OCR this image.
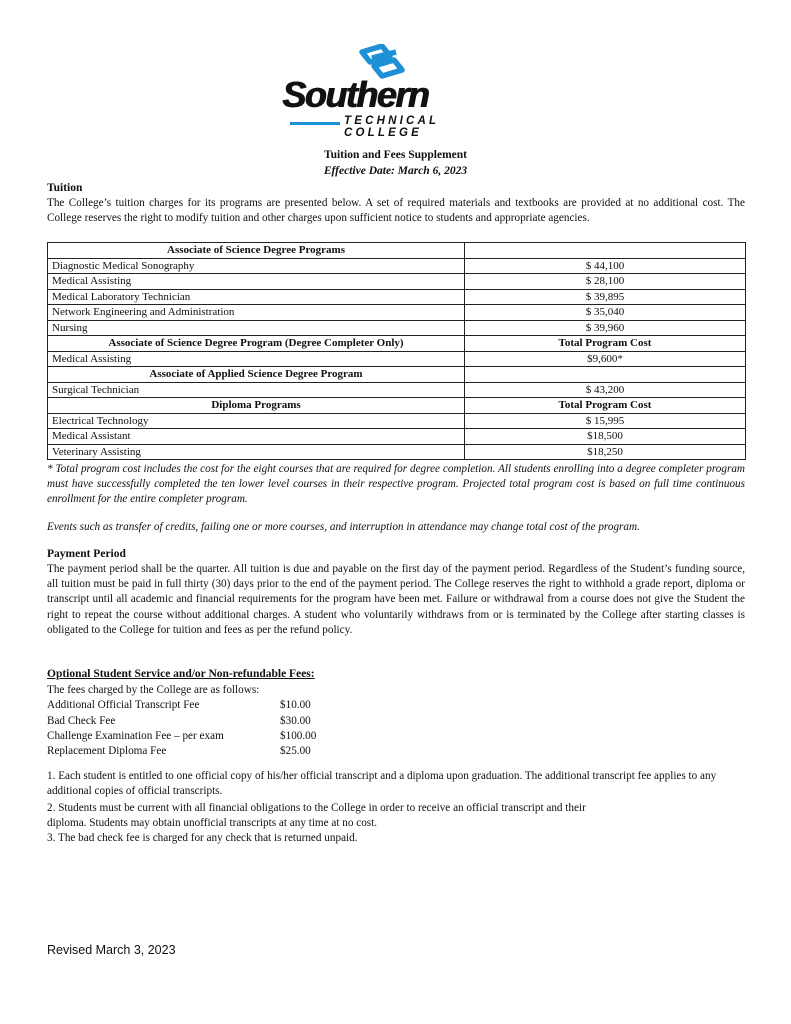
Southern
TECHNICAL COLLEGE
Tuition and Fees Supplement
Effective Date: March 6, 2023
Tuition
The College’s tuition charges for its programs are presented below. A set of required materials and textbooks are provided at no additional cost. The College reserves the right to modify tuition and other charges upon sufficient notice to students and appropriate agencies.
Associate of Science Degree Programs	
Diagnostic Medical Sonography	$ 44,100
Medical Assisting	$ 28,100
Medical Laboratory Technician	$ 39,895
Network Engineering and Administration	$ 35,040
Nursing	$ 39,960
Associate of Science Degree Program (Degree Completer Only)	Total Program Cost
Medical Assisting	$9,600*
Associate of Applied Science Degree Program	
Surgical Technician	$ 43,200
Diploma Programs	Total Program Cost
Electrical Technology	$ 15,995
Medical Assistant	$18,500
Veterinary Assisting	$18,250
* Total program cost includes the cost for the eight courses that are required for degree completion. All students enrolling into a degree completer program must have successfully completed the ten lower level courses in their respective program. Projected total program cost is based on full time continuous enrollment for the entire completer program.
Events such as transfer of credits, failing one or more courses, and interruption in attendance may change total cost of the program.
Payment Period
The payment period shall be the quarter. All tuition is due and payable on the first day of the payment period. Regardless of the Student’s funding source, all tuition must be paid in full thirty (30) days prior to the end of the payment period. The College reserves the right to withhold a grade report, diploma or transcript until all academic and financial requirements for the program have been met. Failure or withdrawal from a course does not give the Student the right to repeat the course without additional charges. A student who voluntarily withdraws from or is terminated by the College after starting classes is obligated to the College for tuition and fees as per the refund policy.
Optional Student Service and/or Non-refundable Fees:
The fees charged by the College are as follows:
Additional Official Transcript Fee	$10.00
Bad Check Fee	$30.00
Challenge Examination Fee – per exam	$100.00
Replacement Diploma Fee	$25.00
1. Each student is entitled to one official copy of his/her official transcript and a diploma upon graduation. The additional transcript fee applies to any additional copies of official transcripts.
2. Students must be current with all financial obligations to the College in order to receive an official transcript and their
diploma. Students may obtain unofficial transcripts at any time at no cost.
3. The bad check fee is charged for any check that is returned unpaid.
Revised March 3, 2023
